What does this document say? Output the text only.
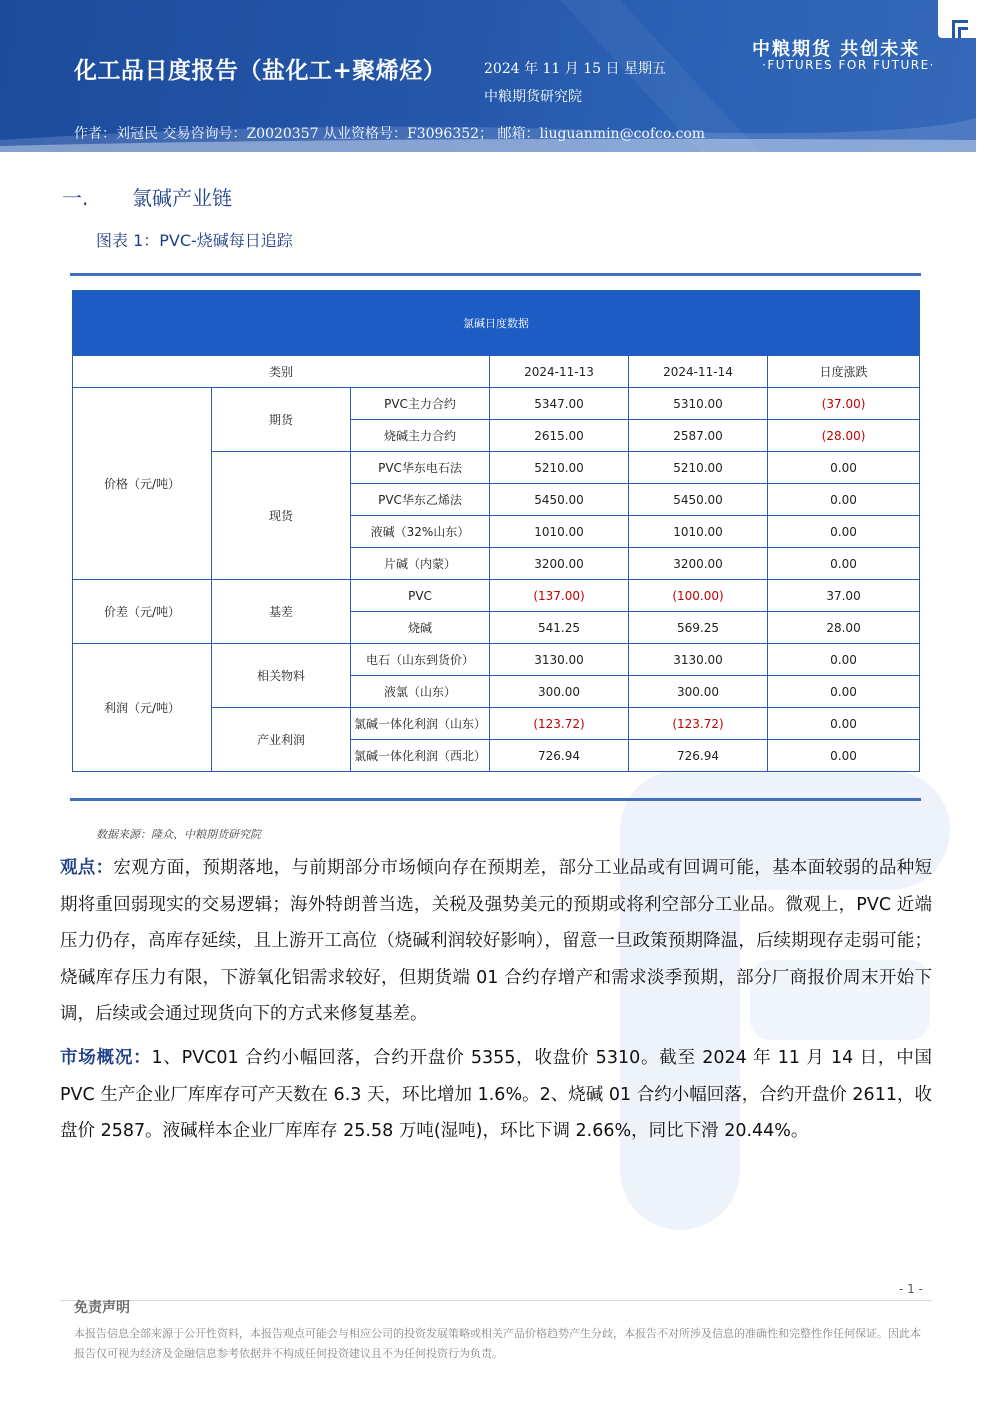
化工品日度报告（盐化工+聚烯烃）	2024 年 11 月 15 日 星期五
中粮期货研究院
中粮期货 共创未来
·FUTURES FOR FUTURE·
作者：刘冠民 交易咨询号：Z0020357 从业资格号：F3096352； 邮箱：liuguanmin@cofco.com
一. 氯碱产业链
图表 1：PVC-烧碱每日追踪
氯碱日度数据					
类别			2024-11-13	2024-11-14	日度涨跌
价格（元/吨）	期货	PVC主力合约	5347.00	5310.00	(37.00)
		烧碱主力合约	2615.00	2587.00	(28.00)
	现货	PVC华东电石法	5210.00	5210.00	0.00
		PVC华东乙烯法	5450.00	5450.00	0.00
		液碱（32%山东）	1010.00	1010.00	0.00
		片碱（内蒙）	3200.00	3200.00	0.00
价差（元/吨）	基差	PVC	(137.00)	(100.00)	37.00
		烧碱	541.25	569.25	28.00
利润（元/吨）	相关物料	电石（山东到货价）	3130.00	3130.00	0.00
		液氯（山东）	300.00	300.00	0.00
	产业利润	氯碱一体化利润（山东）	(123.72)	(123.72)	0.00
		氯碱一体化利润（西北）	726.94	726.94	0.00
数据来源：隆众、中粮期货研究院
观点：宏观方面，预期落地，与前期部分市场倾向存在预期差，部分工业品或有回调可能，基本面较弱的品种短期将重回弱现实的交易逻辑；海外特朗普当选，关税及强势美元的预期或将利空部分工业品。微观上，PVC 近端压力仍存，高库存延续，且上游开工高位（烧碱利润较好影响），留意一旦政策预期降温，后续期现存走弱可能；烧碱库存压力有限，下游氧化铝需求较好，但期货端 01 合约存增产和需求淡季预期，部分厂商报价周末开始下调，后续或会通过现货向下的方式来修复基差。
市场概况：1、PVC01 合约小幅回落，合约开盘价 5355，收盘价 5310。截至 2024 年 11 月 14 日，中国 PVC 生产企业厂库库存可产天数在 6.3 天，环比增加 1.6%。2、烧碱 01 合约小幅回落，合约开盘价 2611，收盘价 2587。液碱样本企业厂库库存 25.58 万吨(湿吨)，环比下调 2.66%，同比下滑 20.44%。
- 1 -
免责声明
本报告信息全部来源于公开性资料，本报告观点可能会与相应公司的投资发展策略或相关产品价格趋势产生分歧，本报告不对所涉及信息的准确性和完整性作任何保证。因此本报告仅可视为经济及金融信息参考依据并不构成任何投资建议且不为任何投资行为负责。
